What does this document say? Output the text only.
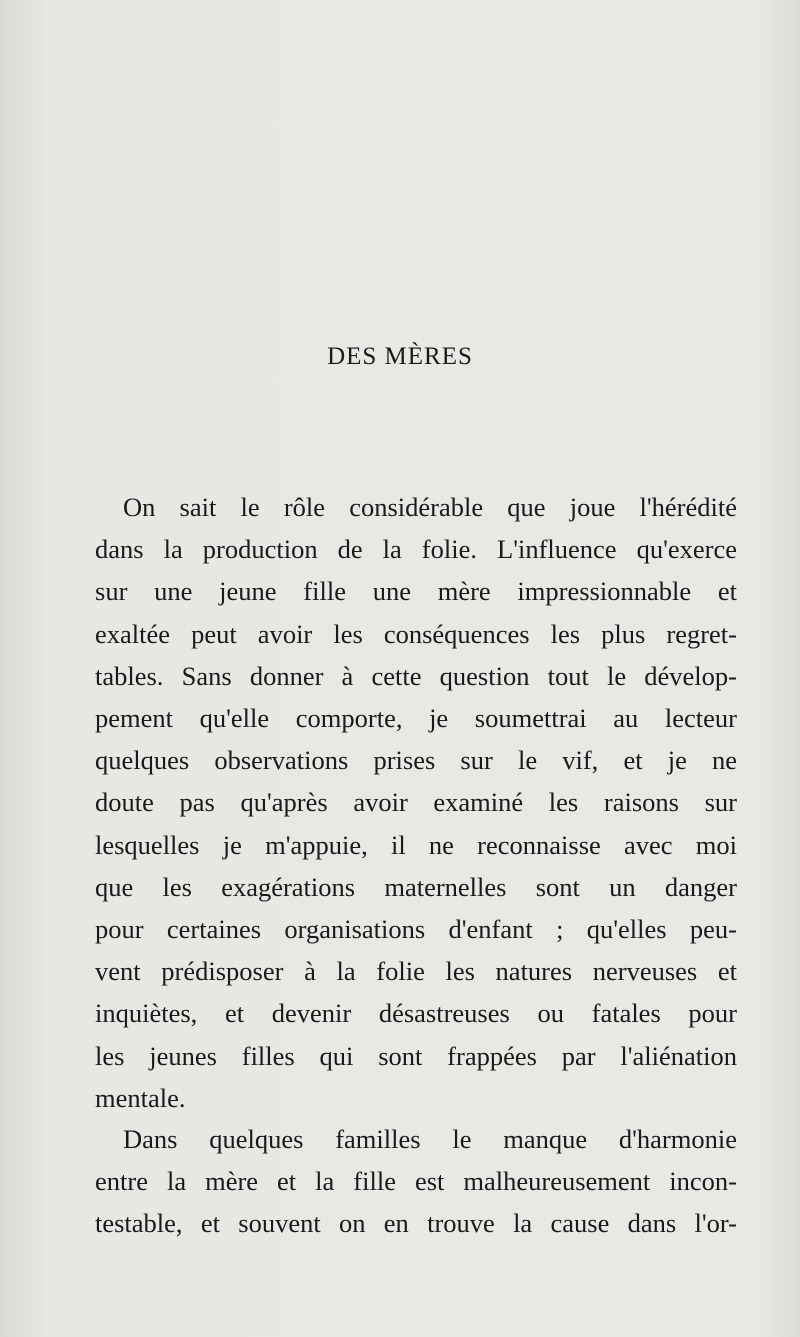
DES MÈRES
On sait le rôle considérable que joue l'hérédité
dans la production de la folie. L'influence qu'exerce
sur une jeune fille une mère impressionnable et
exaltée peut avoir les conséquences les plus regret-
tables. Sans donner à cette question tout le dévelop-
pement qu'elle comporte, je soumettrai au lecteur
quelques observations prises sur le vif, et je ne
doute pas qu'après avoir examiné les raisons sur
lesquelles je m'appuie, il ne reconnaisse avec moi
que les exagérations maternelles sont un danger
pour certaines organisations d'enfant ; qu'elles peu-
vent prédisposer à la folie les natures nerveuses et
inquiètes, et devenir désastreuses ou fatales pour
les jeunes filles qui sont frappées par l'aliénation
mentale.
Dans quelques familles le manque d'harmonie
entre la mère et la fille est malheureusement incon-
testable, et souvent on en trouve la cause dans l'or-
